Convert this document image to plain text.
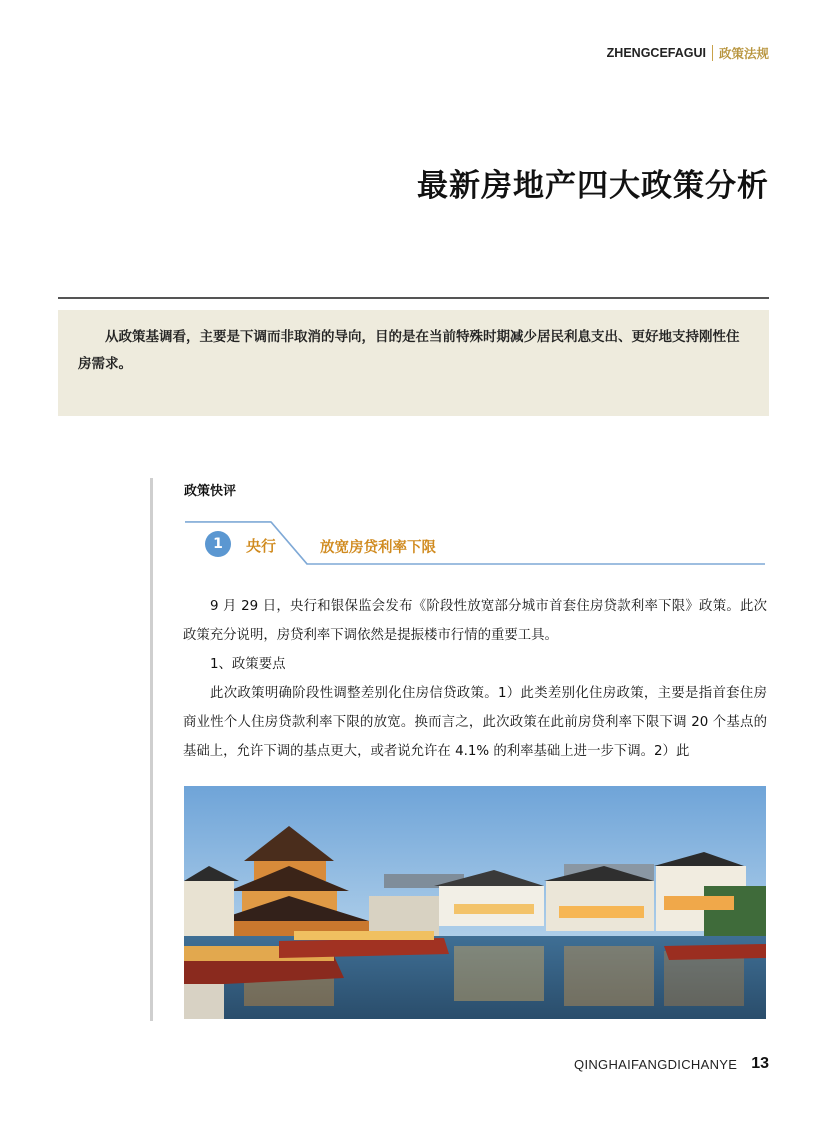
ZHENGCEFAGUI 政策法规
最新房地产四大政策分析

从政策基调看，主要是下调而非取消的导向，目的是在当前特殊时期减少居民利息支出、更好地支持刚性住房需求。

政策快评
1	央行	放宽房贷利率下限

9 月 29 日，央行和银保监会发布《阶段性放宽部分城市首套住房贷款利率下限》政策。此次政策充分说明，房贷利率下调依然是提振楼市行情的重要工具。

1、政策要点

此次政策明确阶段性调整差别化住房信贷政策。1）此类差别化住房政策，主要是指首套住房商业性个人住房贷款利率下限的放宽。换而言之，此次政策在此前房贷利率下限下调 20 个基点的基础上，允许下调的基点更大，或者说允许在 4.1% 的利率基础上进一步下调。2）此

QINGHAIFANGDICHANYE 13
